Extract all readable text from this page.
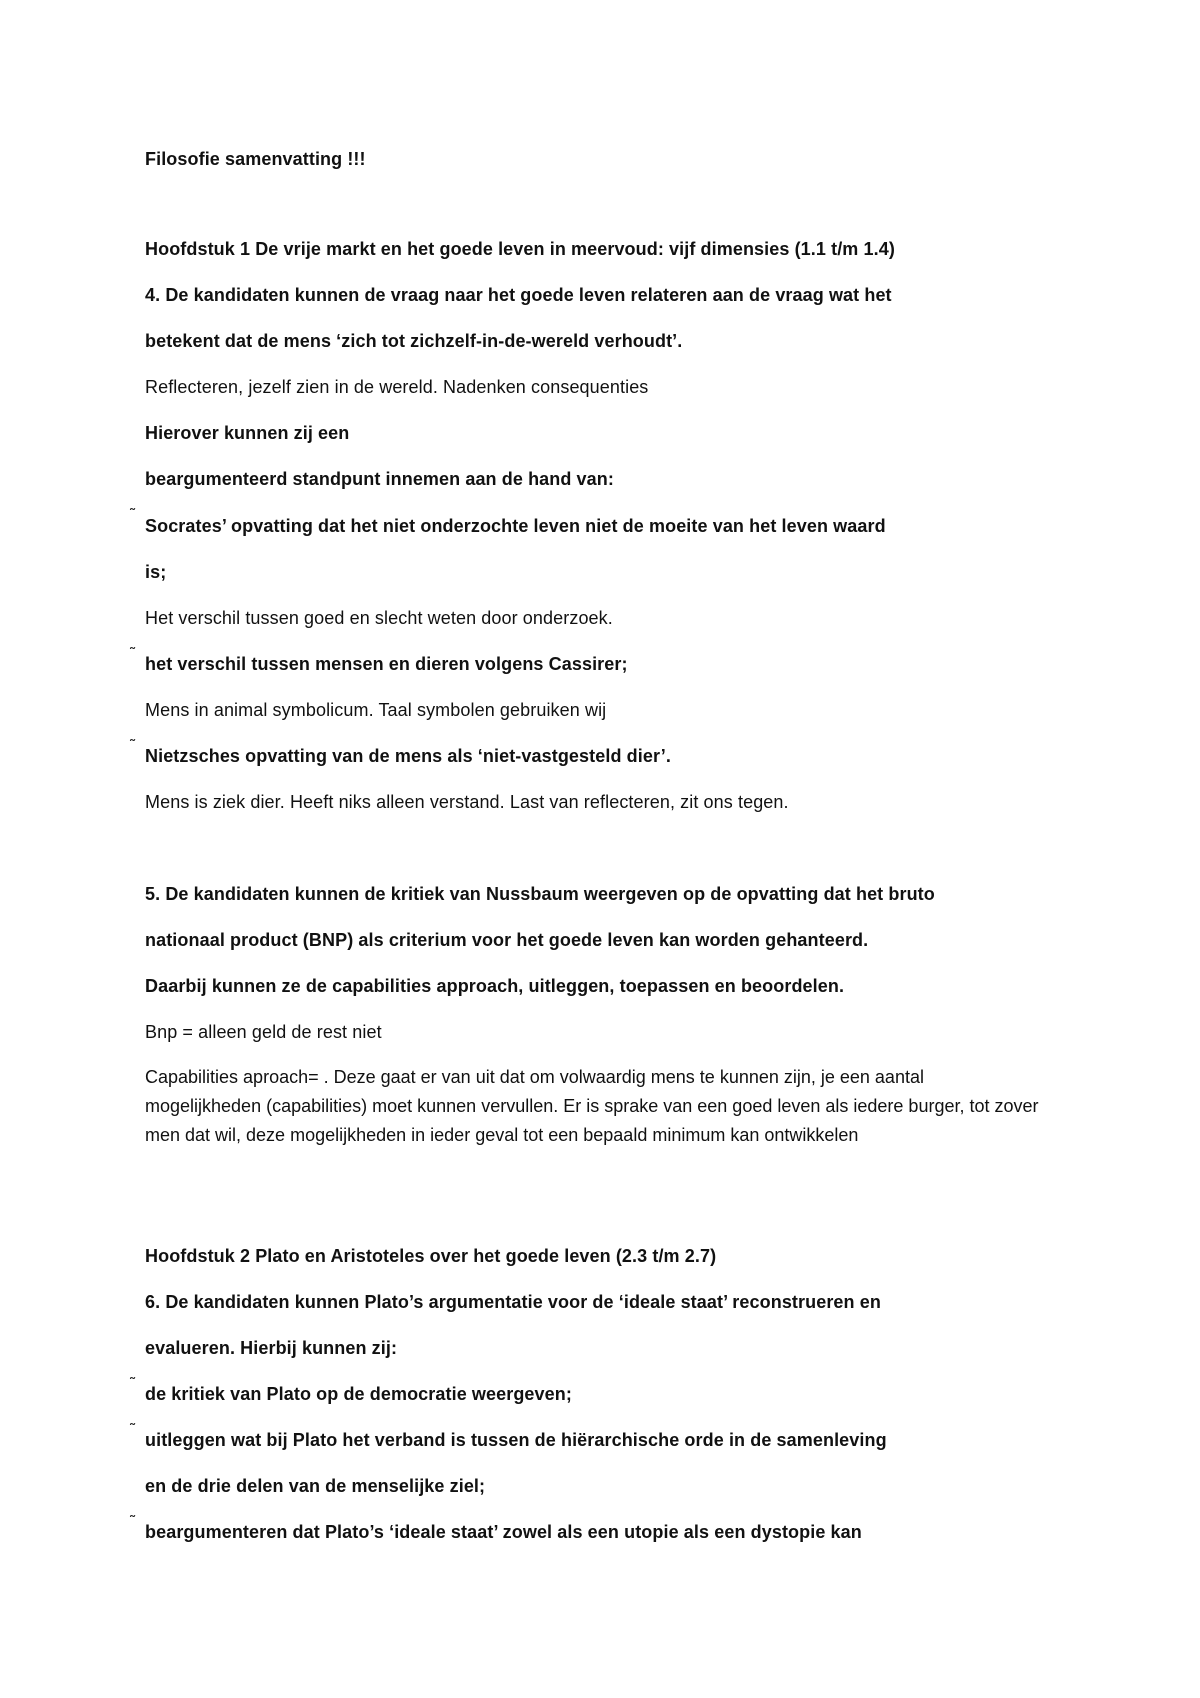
Filosofie samenvatting !!!
Hoofdstuk 1 De vrije markt en het goede leven in meervoud: vijf dimensies (1.1 t/m 1.4)
4. De kandidaten kunnen de vraag naar het goede leven relateren aan de vraag wat het
betekent dat de mens ‘zich tot zichzelf-in-de-wereld verhoudt’.
Reflecteren, jezelf zien in de wereld. Nadenken consequenties
Hierover kunnen zij een
beargumenteerd standpunt innemen aan de hand van:
˜
Socrates’ opvatting dat het niet onderzochte leven niet de moeite van het leven waard
is;
Het verschil tussen goed en slecht weten door onderzoek.
˜
het verschil tussen mensen en dieren volgens Cassirer;
Mens in animal symbolicum. Taal symbolen gebruiken wij
˜
Nietzsches opvatting van de mens als ‘niet-vastgesteld dier’.
Mens is ziek dier. Heeft niks alleen verstand. Last van reflecteren, zit ons tegen.
5. De kandidaten kunnen de kritiek van Nussbaum weergeven op de opvatting dat het bruto
nationaal product (BNP) als criterium voor het goede leven kan worden gehanteerd.
Daarbij kunnen ze de capabilities approach, uitleggen, toepassen en beoordelen.
Bnp = alleen geld de rest niet
Capabilities aproach= . Deze gaat er van uit dat om volwaardig mens te kunnen zijn, je een aantal mogelijkheden (capabilities) moet kunnen vervullen. Er is sprake van een goed leven als iedere burger, tot zover men dat wil, deze mogelijkheden in ieder geval tot een bepaald minimum kan ontwikkelen
Hoofdstuk 2 Plato en Aristoteles over het goede leven (2.3 t/m 2.7)
6. De kandidaten kunnen Plato’s argumentatie voor de ‘ideale staat’ reconstrueren en
evalueren. Hierbij kunnen zij:
˜
de kritiek van Plato op de democratie weergeven;
˜
uitleggen wat bij Plato het verband is tussen de hiërarchische orde in de samenleving
en de drie delen van de menselijke ziel;
˜
beargumenteren dat Plato’s ‘ideale staat’ zowel als een utopie als een dystopie kan
